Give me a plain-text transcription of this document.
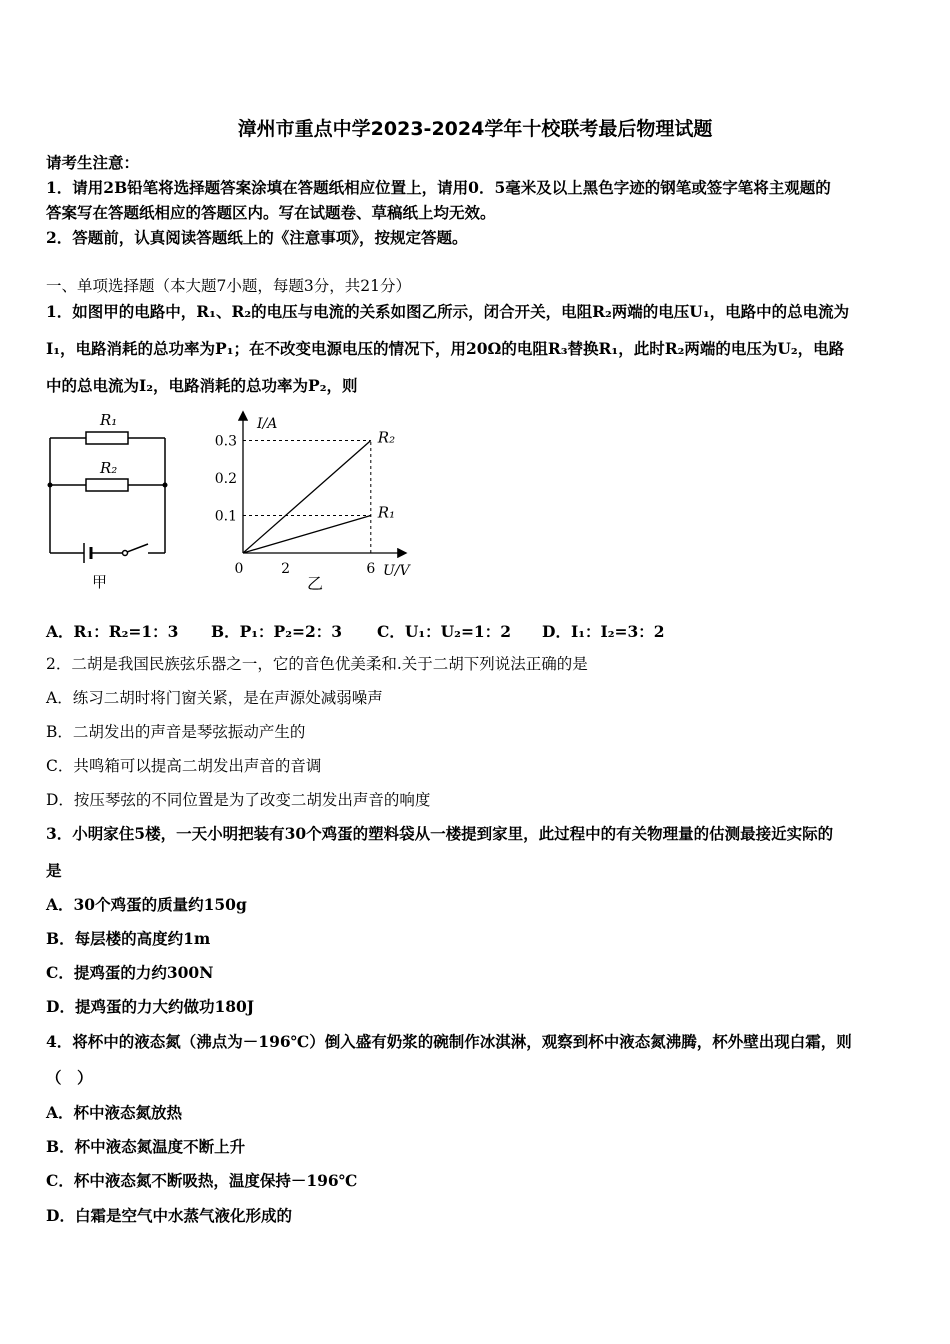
漳州市重点中学2023-2024学年十校联考最后物理试题
请考生注意：
1．请用2B铅笔将选择题答案涂填在答题纸相应位置上，请用0．5毫米及以上黑色字迹的钢笔或签字笔将主观题的
答案写在答题纸相应的答题区内。写在试题卷、草稿纸上均无效。
2．答题前，认真阅读答题纸上的《注意事项》，按规定答题。
一、单项选择题（本大题7小题，每题3分，共21分）
1．如图甲的电路中，R₁、R₂的电压与电流的关系如图乙所示，闭合开关，电阻R₂两端的电压U₁，电路中的总电流为
I₁，电路消耗的总功率为P₁；在不改变电源电压的情况下，用20Ω的电阻R₃替换R₁，此时R₂两端的电压为U₂，电路
中的总电流为I₂，电路消耗的总功率为P₂，则
R₁
R₂
甲
0.1
0.2
0.3
0	2	6
R₂
R₁
I/A
U/V
乙
A．R₁：R₂=1：3 B．P₁：P₂=2：3 C．U₁：U₂=1：2 D．I₁：I₂=3：2
2．二胡是我国民族弦乐器之一，它的音色优美柔和.关于二胡下列说法正确的是
A．练习二胡时将门窗关紧，是在声源处减弱噪声
B．二胡发出的声音是琴弦振动产生的
C．共鸣箱可以提高二胡发出声音的音调
D．按压琴弦的不同位置是为了改变二胡发出声音的响度
3．小明家住5楼，一天小明把装有30个鸡蛋的塑料袋从一楼提到家里，此过程中的有关物理量的估测最接近实际的
是
A．30个鸡蛋的质量约150g
B．每层楼的高度约1m
C．提鸡蛋的力约300N
D．提鸡蛋的力大约做功180J
4．将杯中的液态氮（沸点为－196℃）倒入盛有奶浆的碗制作冰淇淋，观察到杯中液态氮沸腾，杯外壁出现白霜，则
（　）
A．杯中液态氮放热
B．杯中液态氮温度不断上升
C．杯中液态氮不断吸热，温度保持－196℃
D．白霜是空气中水蒸气液化形成的
